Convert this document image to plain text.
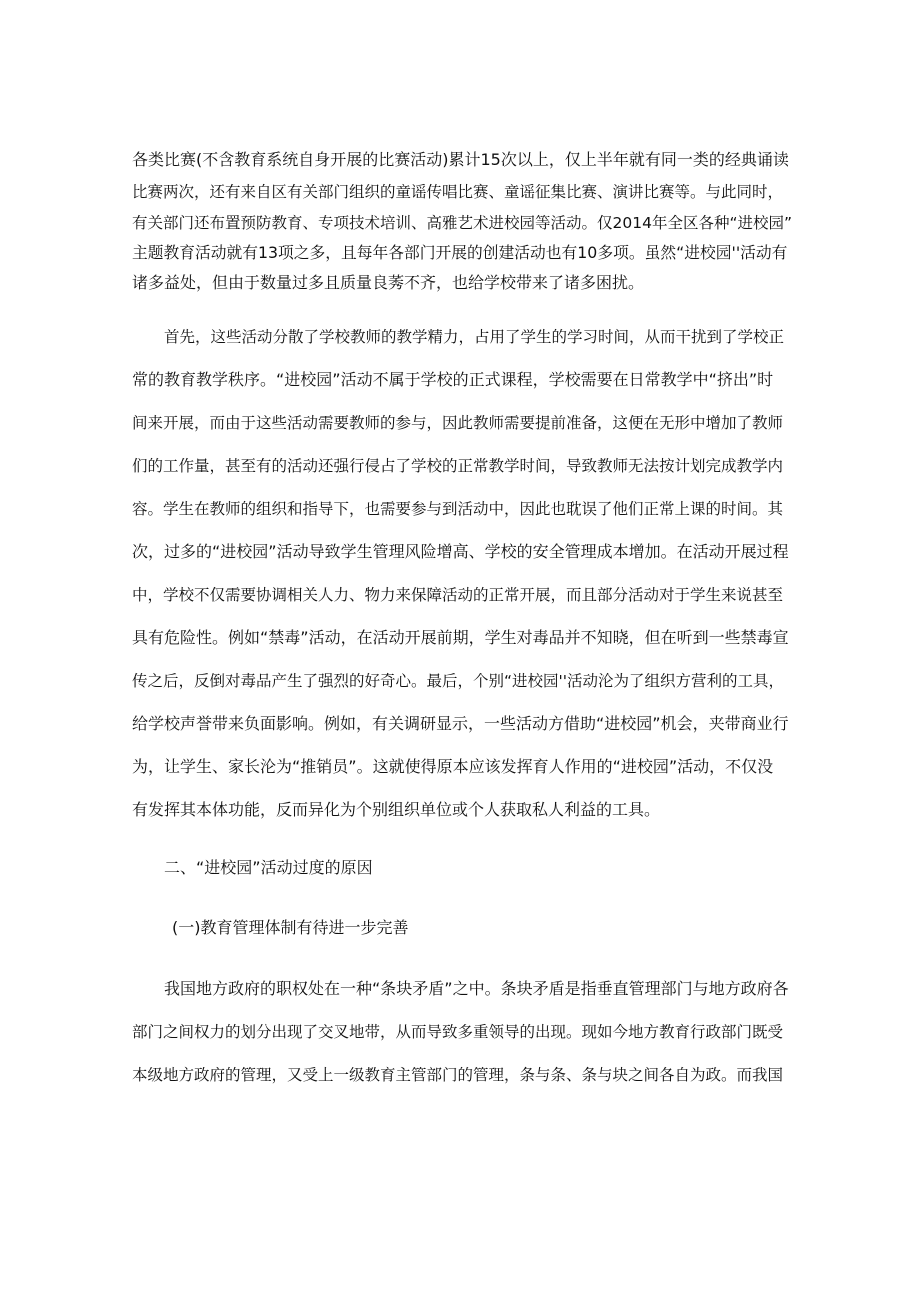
各类比赛(不含教育系统自身开展的比赛活动)累计15次以上，仅上半年就有同一类的经典诵读
比赛两次，还有来自区有关部门组织的童谣传唱比赛、童谣征集比赛、演讲比赛等。与此同时，
有关部门还布置预防教育、专项技术培训、高雅艺术进校园等活动。仅2014年全区各种“进校园”
主题教育活动就有13项之多，且每年各部门开展的创建活动也有10多项。虽然“进校园''活动有
诸多益处，但由于数量过多且质量良莠不齐，也给学校带来了诸多困扰。
首先，这些活动分散了学校教师的教学精力，占用了学生的学习时间，从而干扰到了学校正
常的教育教学秩序。“进校园”活动不属于学校的正式课程，学校需要在日常教学中“挤出”时
间来开展，而由于这些活动需要教师的参与，因此教师需要提前准备，这便在无形中增加了教师
们的工作量，甚至有的活动还强行侵占了学校的正常教学时间，导致教师无法按计划完成教学内
容。学生在教师的组织和指导下，也需要参与到活动中，因此也耽误了他们正常上课的时间。其
次，过多的“进校园”活动导致学生管理风险增高、学校的安全管理成本增加。在活动开展过程
中，学校不仅需要协调相关人力、物力来保障活动的正常开展，而且部分活动对于学生来说甚至
具有危险性。例如“禁毒”活动，在活动开展前期，学生对毒品并不知晓，但在听到一些禁毒宣
传之后，反倒对毒品产生了强烈的好奇心。最后，个别“进校园''活动沦为了组织方营利的工具，
给学校声誉带来负面影响。例如，有关调研显示，一些活动方借助“进校园”机会，夹带商业行
为，让学生、家长沦为“推销员”。这就使得原本应该发挥育人作用的“进校园”活动，不仅没
有发挥其本体功能，反而异化为个别组织单位或个人获取私人利益的工具。
二、“进校园”活动过度的原因
(一)教育管理体制有待进一步完善
我国地方政府的职权处在一种“条块矛盾”之中。条块矛盾是指垂直管理部门与地方政府各
部门之间权力的划分出现了交叉地带，从而导致多重领导的出现。现如今地方教育行政部门既受
本级地方政府的管理，又受上一级教育主管部门的管理，条与条、条与块之间各自为政。而我国
